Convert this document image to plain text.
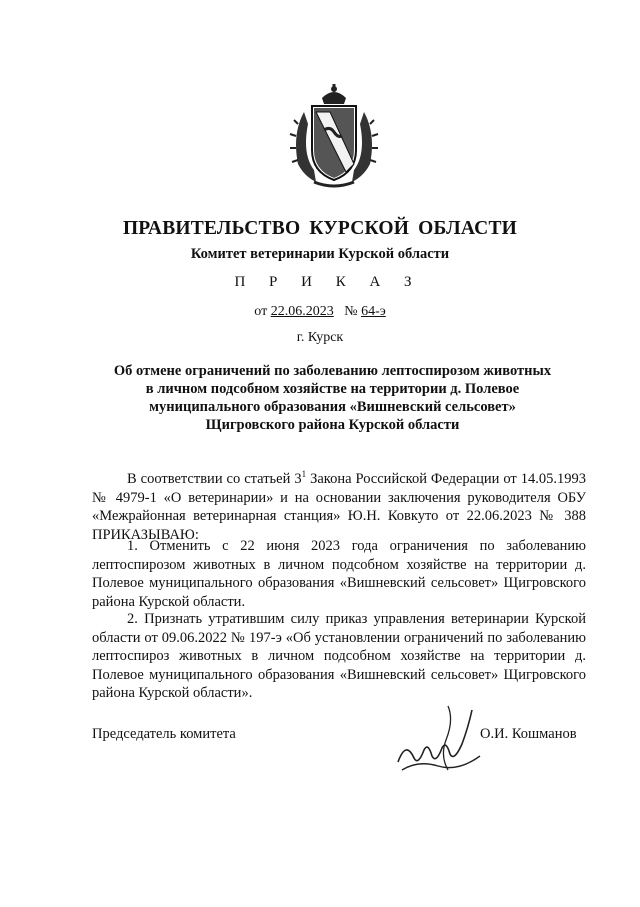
ПРАВИТЕЛЬСТВО КУРСКОЙ ОБЛАСТИ
Комитет ветеринарии Курской области
П Р И К А З
от 22.06.2023 № 64-э
г. Курск
Об отмене ограничений по заболеванию лептоспирозом животных
в личном подсобном хозяйстве на территории д. Полевое
муниципального образования «Вишневский сельсовет»
Щигровского района Курской области
В соответствии со статьей $3^1$ Закона Российской Федерации от 14.05.1993 № 4979-1 «О ветеринарии» и на основании заключения руководителя ОБУ «Межрайонная ветеринарная станция» Ю.Н. Ковкуто от 22.06.2023 № 388 ПРИКАЗЫВАЮ:
1. Отменить с 22 июня 2023 года ограничения по заболеванию лептоспирозом животных в личном подсобном хозяйстве на территории д. Полевое муниципального образования «Вишневский сельсовет» Щигровского района Курской области.
2. Признать утратившим силу приказ управления ветеринарии Курской области от 09.06.2022 № 197-э «Об установлении ограничений по заболеванию лептоспироз животных в личном подсобном хозяйстве на территории д. Полевое муниципального образования «Вишневский сельсовет» Щигровского района Курской области».
Председатель комитета	О.И. Кошманов
